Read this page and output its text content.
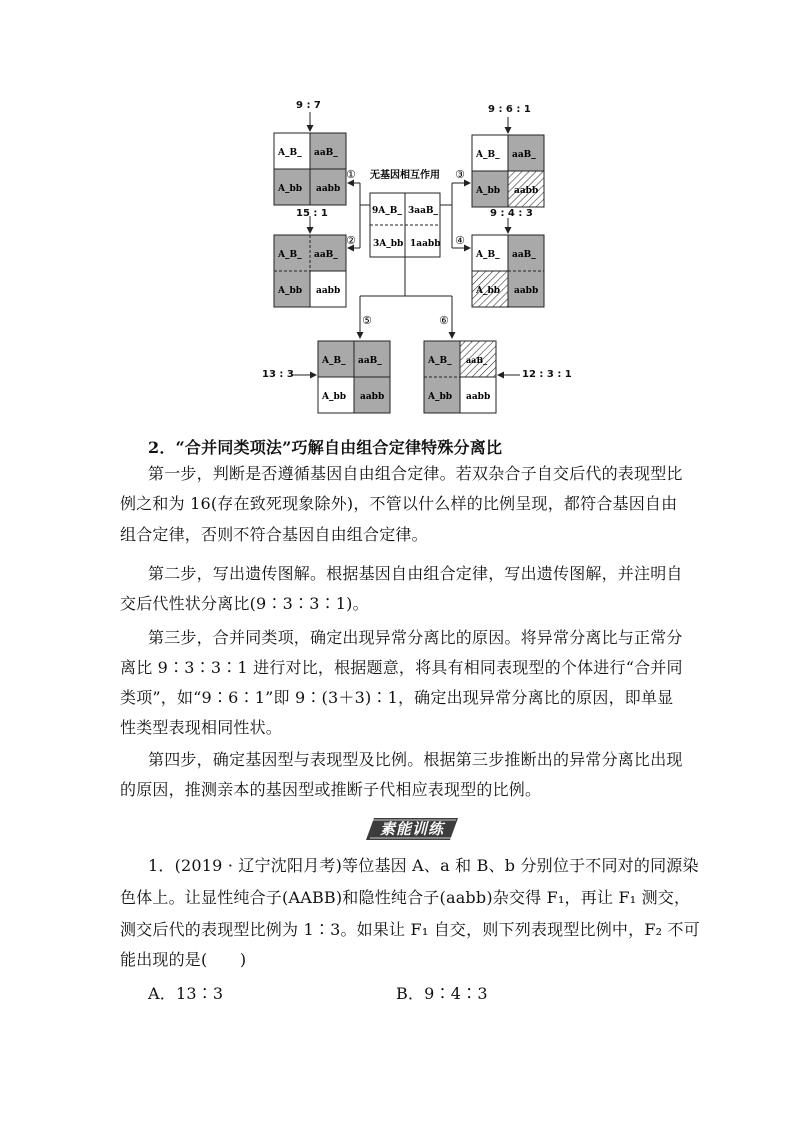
A_B_ aaB_
A_bb aabb
A_B_ aaB_
A_bb aabb
A_B_ aaB_
A_bb aabb
A_B_ aaB_
A_bb aabb
9A_B_ 3aaB_
3A_bb 1aabb
无基因相互作用
①
②
③
④
⑤	⑥
A_B_ aaB_
A_bb aabb
A_B_ aaB_
A_bb aabb
9 : 7
15 : 1
9 : 6 : 1
9 : 4 : 3
13 : 3	12 : 3 : 1
2．“合并同类项法”巧解自由组合定律特殊分离比
第一步，判断是否遵循基因自由组合定律。若双杂合子自交后代的表现型比
例之和为 16(存在致死现象除外)，不管以什么样的比例呈现，都符合基因自由
组合定律，否则不符合基因自由组合定律。
第二步，写出遗传图解。根据基因自由组合定律，写出遗传图解，并注明自
交后代性状分离比(9∶3∶3∶1)。
第三步，合并同类项，确定出现异常分离比的原因。将异常分离比与正常分
离比 9∶3∶3∶1 进行对比，根据题意，将具有相同表现型的个体进行“合并同
类项”，如“9∶6∶1”即 9∶(3＋3)∶1，确定出现异常分离比的原因，即单显
性类型表现相同性状。
第四步，确定基因型与表现型及比例。根据第三步推断出的异常分离比出现
的原因，推测亲本的基因型或推断子代相应表现型的比例。
素能训练
1．(2019 · 辽宁沈阳月考)等位基因 A、a 和 B、b 分别位于不同对的同源染
色体上。让显性纯合子(AABB)和隐性纯合子(aabb)杂交得 F₁，再让 F₁ 测交，
测交后代的表现型比例为 1∶3。如果让 F₁ 自交，则下列表现型比例中，F₂ 不可
能出现的是(　　)
A．13∶3	B．9∶4∶3
